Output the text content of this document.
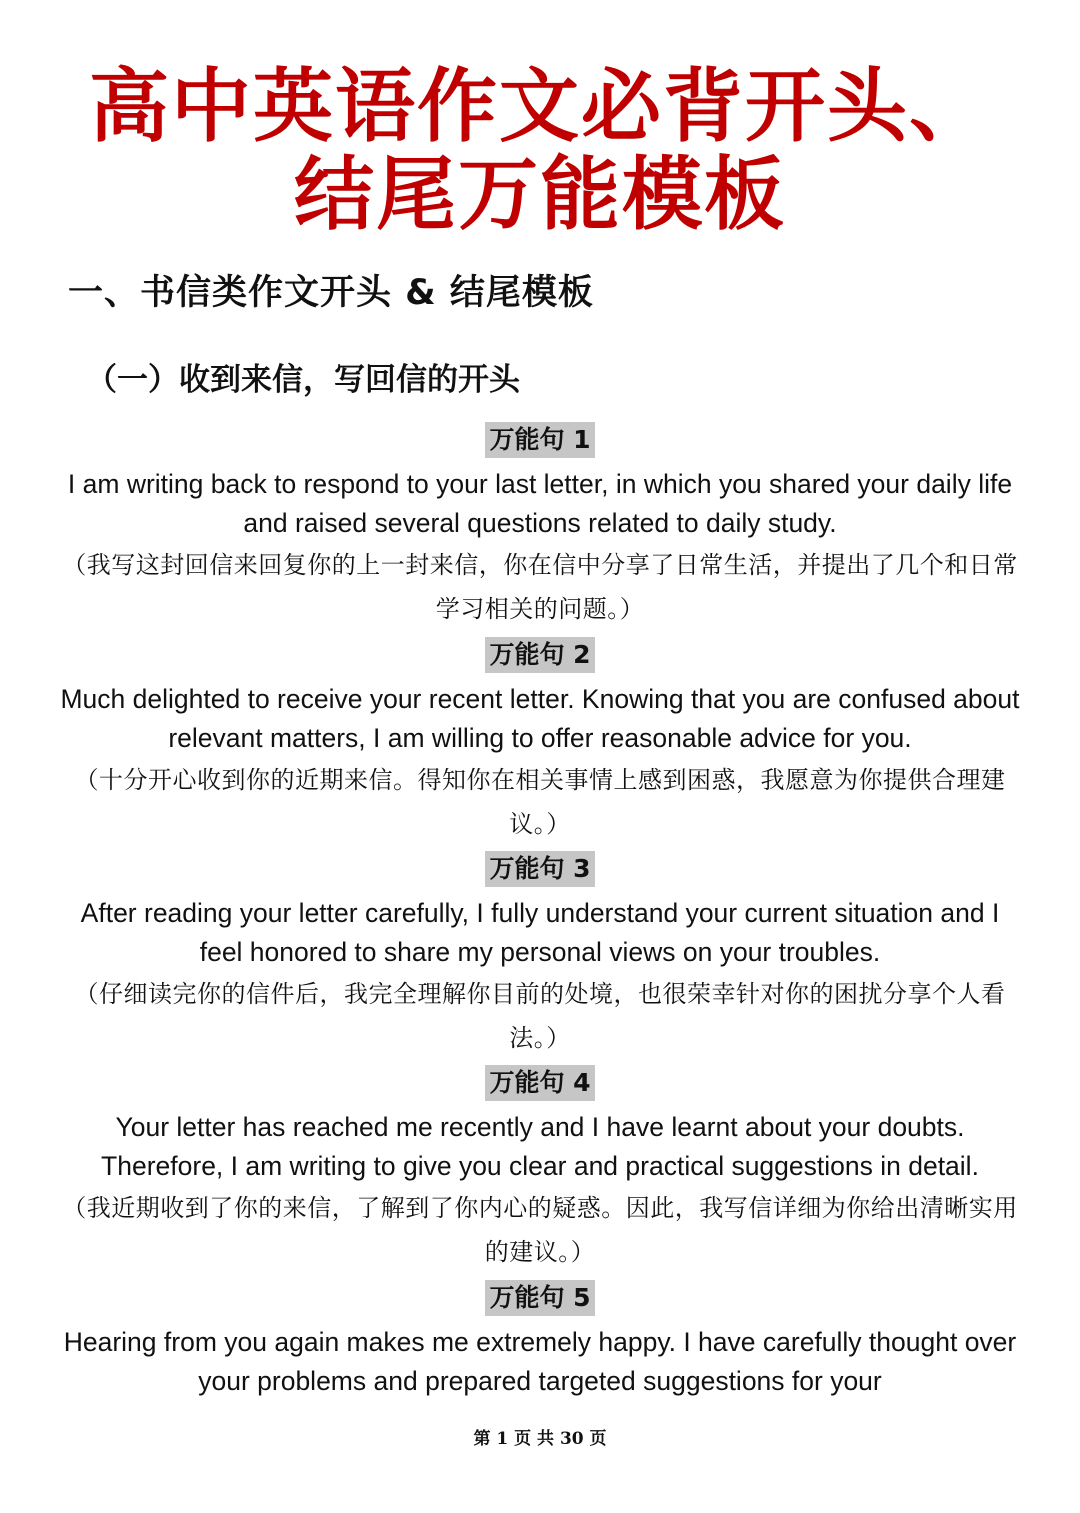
高中英语作文必背开头、
结尾万能模板
一、书信类作文开头 & 结尾模板
（一）收到来信，写回信的开头
万能句 1
I am writing back to respond to your last letter, in which you shared your daily life and raised several questions related to daily study.
（我写这封回信来回复你的上一封来信，你在信中分享了日常生活，并提出了几个和日常学习相关的问题。）
万能句 2
Much delighted to receive your recent letter. Knowing that you are confused about relevant matters, I am willing to offer reasonable advice for you.
（十分开心收到你的近期来信。得知你在相关事情上感到困惑，我愿意为你提供合理建议。）
万能句 3
After reading your letter carefully, I fully understand your current situation and I feel honored to share my personal views on your troubles.
（仔细读完你的信件后，我完全理解你目前的处境，也很荣幸针对你的困扰分享个人看法。）
万能句 4
Your letter has reached me recently and I have learnt about your doubts. Therefore, I am writing to give you clear and practical suggestions in detail.
（我近期收到了你的来信，了解到了你内心的疑惑。因此，我写信详细为你给出清晰实用的建议。）
万能句 5
Hearing from you again makes me extremely happy. I have carefully thought over your problems and prepared targeted suggestions for your
第 1 页 共 30 页
